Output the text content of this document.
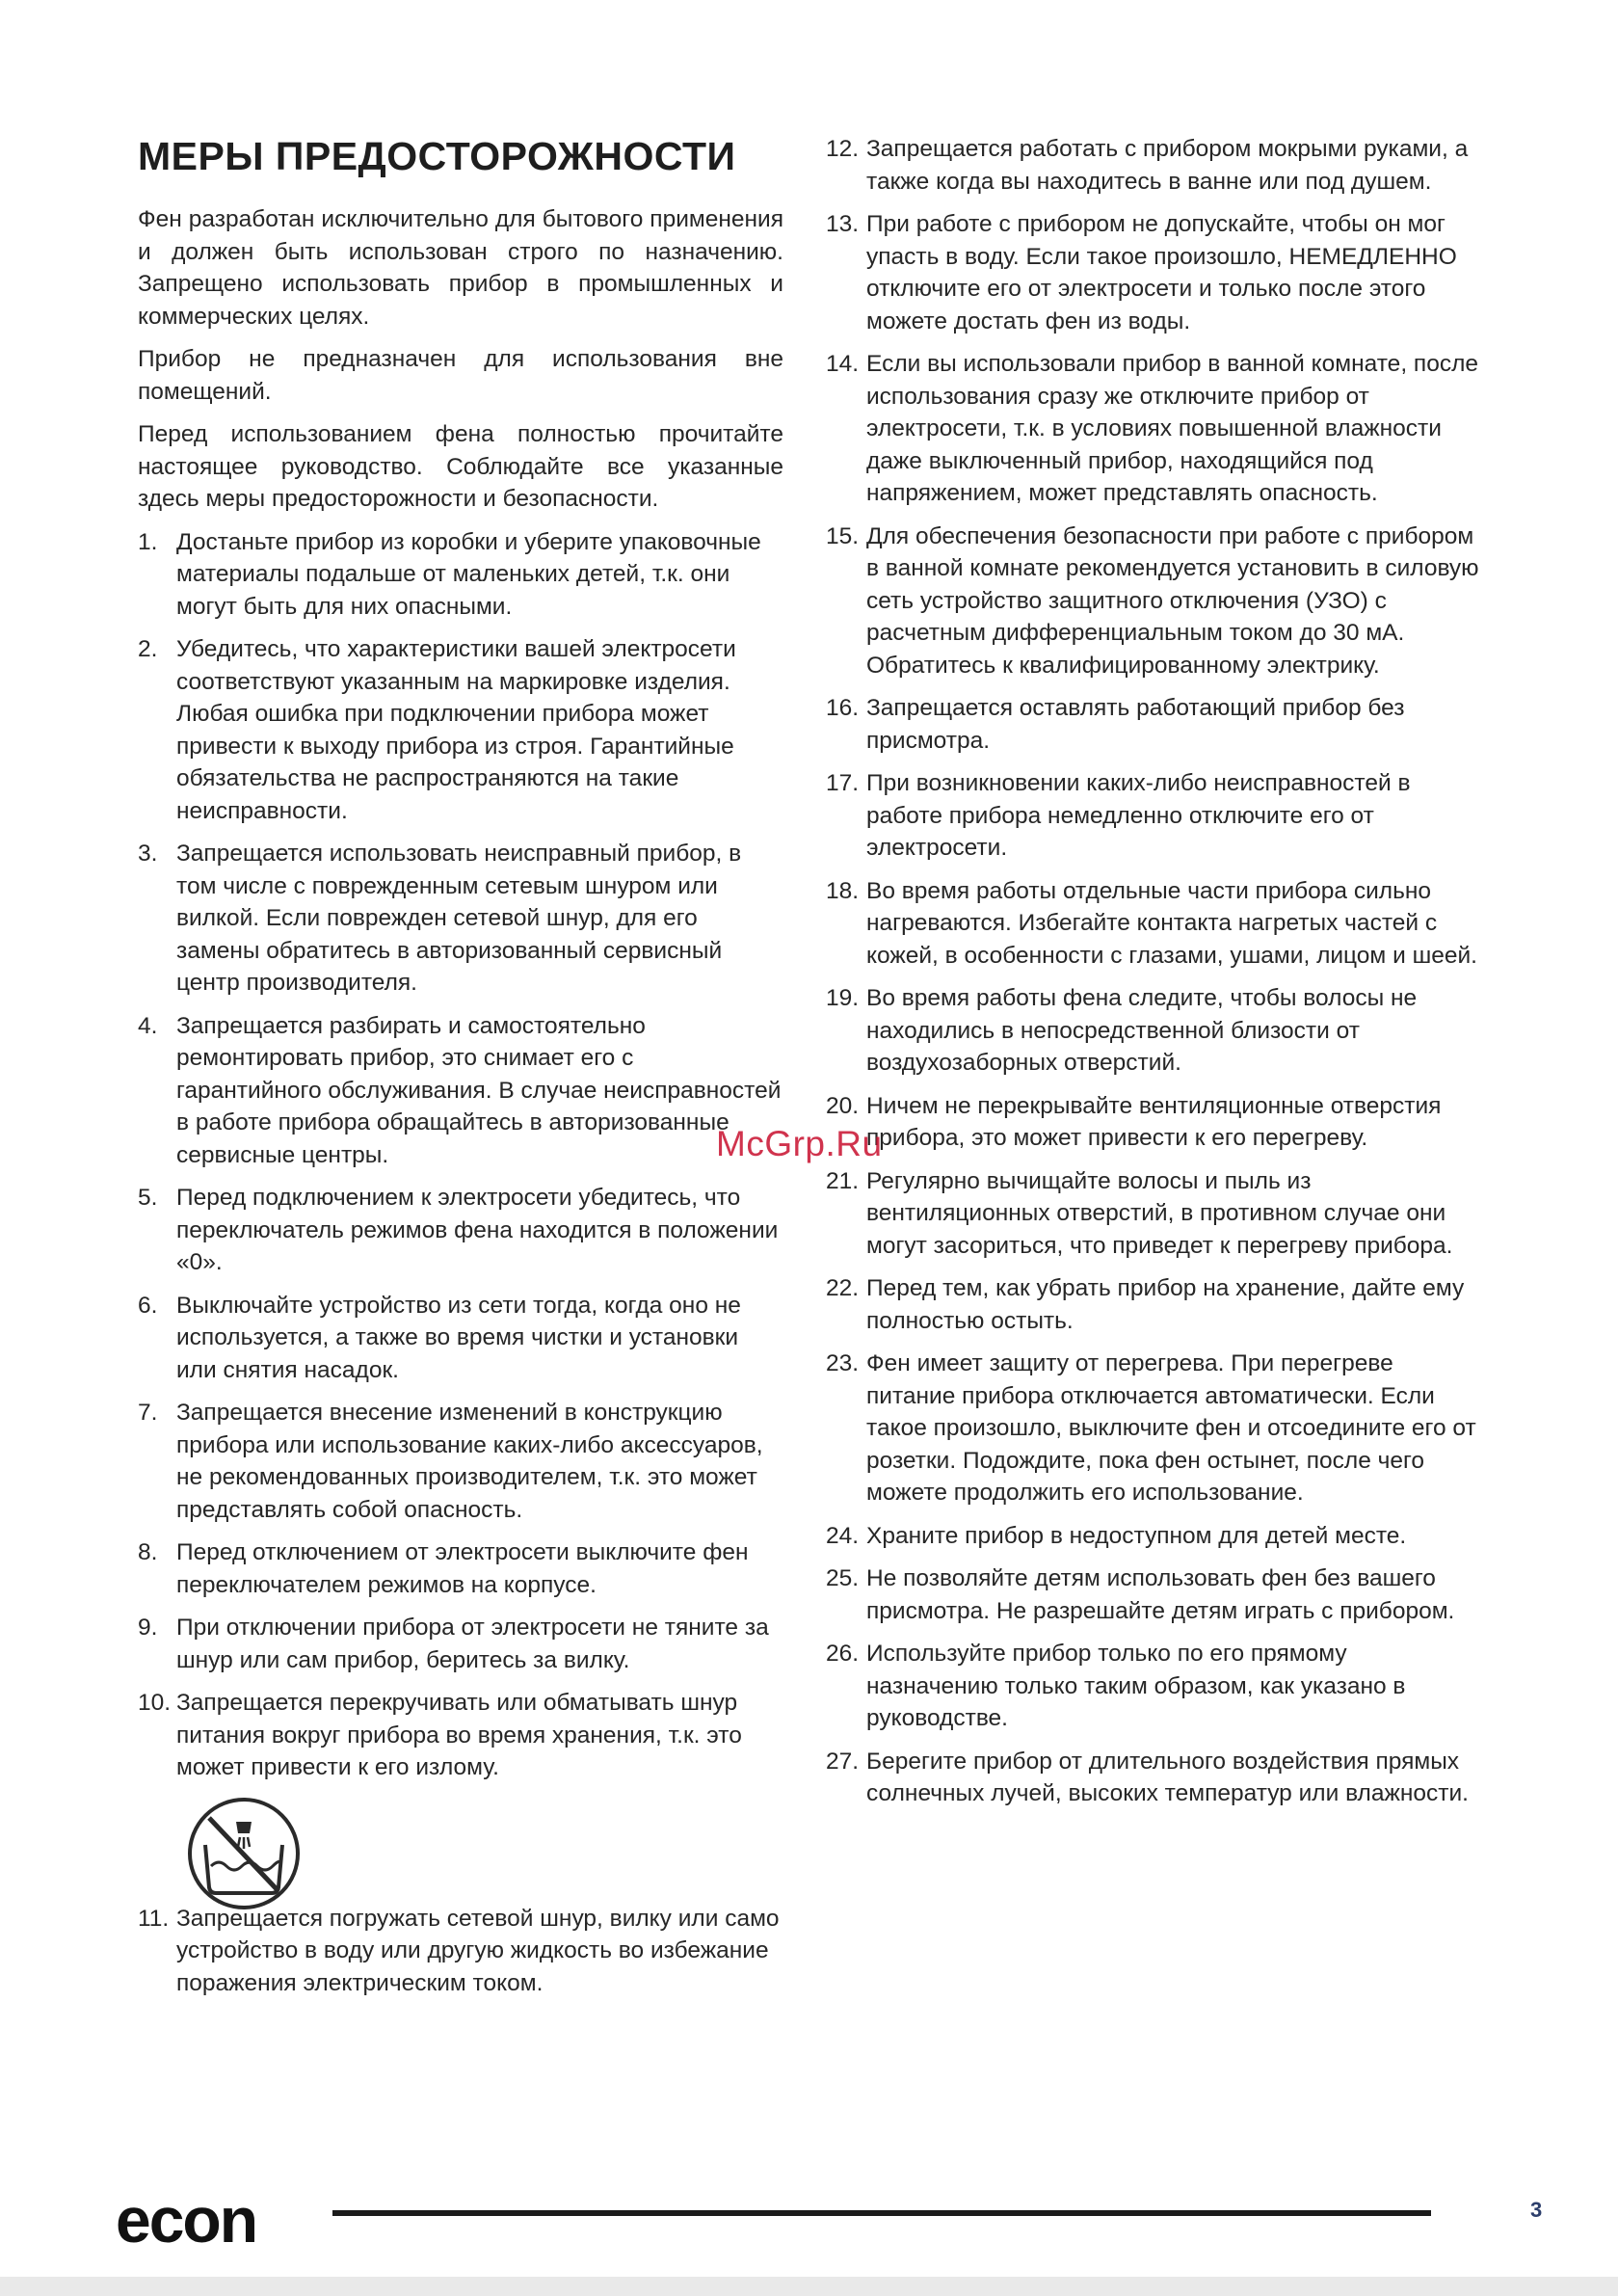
МЕРЫ ПРЕДОСТОРОЖНОСТИ

Фен разработан исключительно для бытового применения и должен быть использован строго по назначению. Запрещено использовать прибор в промышленных и коммерческих целях.

Прибор не предназначен для использования вне помещений.

Перед использованием фена полностью прочитайте настоящее руководство. Соблюдайте все указанные здесь меры предосторожности и безопасности.

1. Достаньте прибор из коробки и уберите упаковочные материалы подальше от маленьких детей, т.к. они могут быть для них опасными.
2. Убедитесь, что характеристики вашей электросети соответствуют указанным на маркировке изделия. Любая ошибка при подключении прибора может привести к выходу прибора из строя. Гарантийные обязательства не распространяются на такие неисправности.
3. Запрещается использовать неисправный прибор, в том числе с поврежденным сетевым шнуром или вилкой. Если поврежден сетевой шнур, для его замены обратитесь в авторизованный сервисный центр производителя.
4. Запрещается разбирать и самостоятельно ремонтировать прибор, это снимает его с гарантийного обслуживания. В случае неисправностей в работе прибора обращайтесь в авторизованные сервисные центры.
5. Перед подключением к электросети убедитесь, что переключатель режимов фена находится в положении «0».
6. Выключайте устройство из сети тогда, когда оно не используется, а также во время чистки и установки или снятия насадок.
7. Запрещается внесение изменений в конструкцию прибора или использование каких-либо аксессуаров, не рекомендованных производителем, т.к. это может представлять собой опасность.
8. Перед отключением от электросети выключите фен переключателем режимов на корпусе.
9. При отключении прибора от электросети не тяните за шнур или сам прибор, беритесь за вилку.
10. Запрещается перекручивать или обматывать шнур питания вокруг прибора во время хранения, т.к. это может привести к его излому.
11. Запрещается погружать сетевой шнур, вилку или само устройство в воду или другую жидкость во избежание поражения электрическим током.
12. Запрещается работать с прибором мокрыми руками, а также когда вы находитесь в ванне или под душем.
13. При работе с прибором не допускайте, чтобы он мог упасть в воду. Если такое произошло, НЕМЕДЛЕННО отключите его от электросети и только после этого можете достать фен из воды.
14. Если вы использовали прибор в ванной комнате, после использования сразу же отключите прибор от электросети, т.к. в условиях повышенной влажности даже выключенный прибор, находящийся под напряжением, может представлять опасность.
15. Для обеспечения безопасности при работе с прибором в ванной комнате рекомендуется установить в силовую сеть устройство защитного отключения (УЗО) с расчетным дифференциальным током до 30 мА. Обратитесь к квалифицированному электрику.
16. Запрещается оставлять работающий прибор без присмотра.
17. При возникновении каких-либо неисправностей в работе прибора немедленно отключите его от электросети.
18. Во время работы отдельные части прибора сильно нагреваются. Избегайте контакта нагретых частей с кожей, в особенности с глазами, ушами, лицом и шеей.
19. Во время работы фена следите, чтобы волосы не находились в непосредственной близости от воздухозаборных отверстий.
20. Ничем не перекрывайте вентиляционные отверстия прибора, это может привести к его перегреву.
21. Регулярно вычищайте волосы и пыль из вентиляционных отверстий, в противном случае они могут засориться, что приведет к перегреву прибора.
22. Перед тем, как убрать прибор на хранение, дайте ему полностью остыть.
23. Фен имеет защиту от перегрева. При перегреве питание прибора отключается автоматически. Если такое произошло, выключите фен и отсоедините его от розетки. Подождите, пока фен остынет, после чего можете продолжить его использование.
24. Храните прибор в недоступном для детей месте.
25. Не позволяйте детям использовать фен без вашего присмотра. Не разрешайте детям играть с прибором.
26. Используйте прибор только по его прямому назначению только таким образом, как указано в руководстве.
27. Берегите прибор от длительного воздействия прямых солнечных лучей, высоких температур или влажности.
McGrp.Ru
econ	3
